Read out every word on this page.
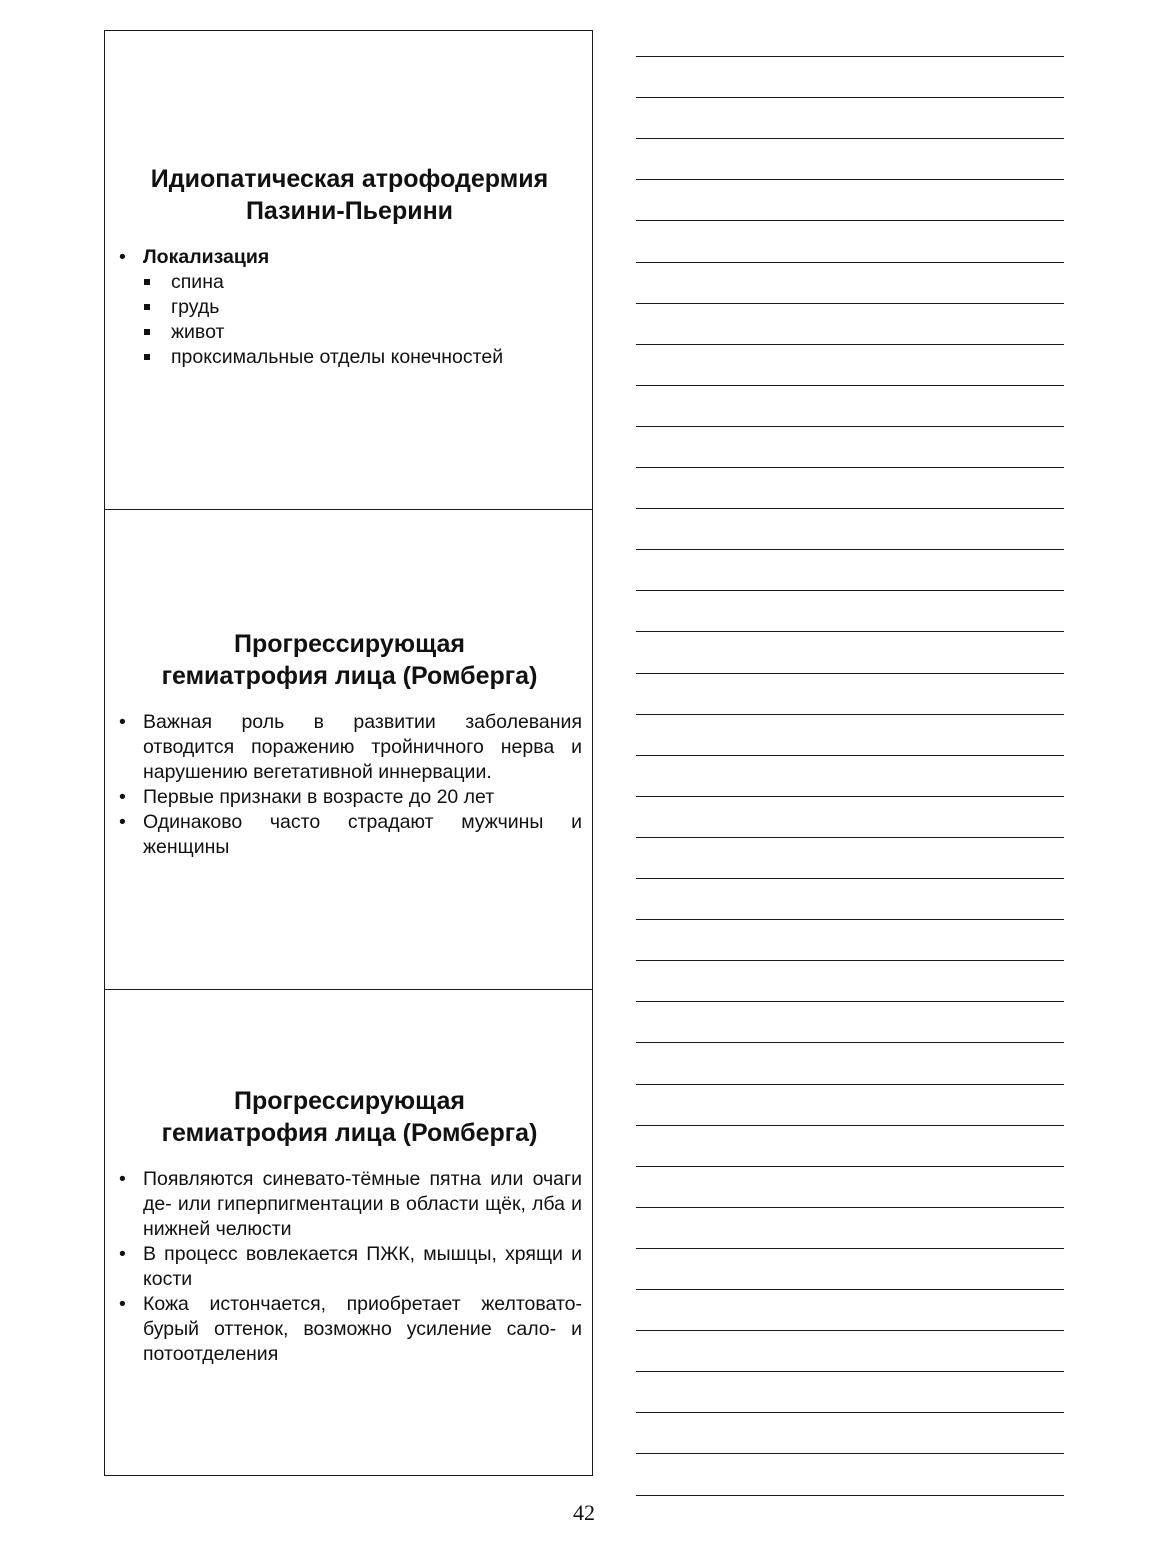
Идиопатическая атрофодермия
Пазини-Пьерини
• Локализация
спина
грудь
живот
проксимальные отделы конечностей
Прогрессирующая
гемиатрофия лица (Ромберга)
• Важная роль в развитии заболевания отводится поражению тройничного нерва и нарушению вегетативной иннервации.
• Первые признаки в возрасте до 20 лет
• Одинаково часто страдают мужчины и женщины
Прогрессирующая
гемиатрофия лица (Ромберга)
• Появляются синевато-тёмные пятна или очаги де- или гиперпигментации в области щёк, лба и нижней челюсти
• В процесс вовлекается ПЖК, мышцы, хрящи и кости
• Кожа истончается, приобретает желтовато-бурый оттенок, возможно усиление сало- и потоотделения
42
